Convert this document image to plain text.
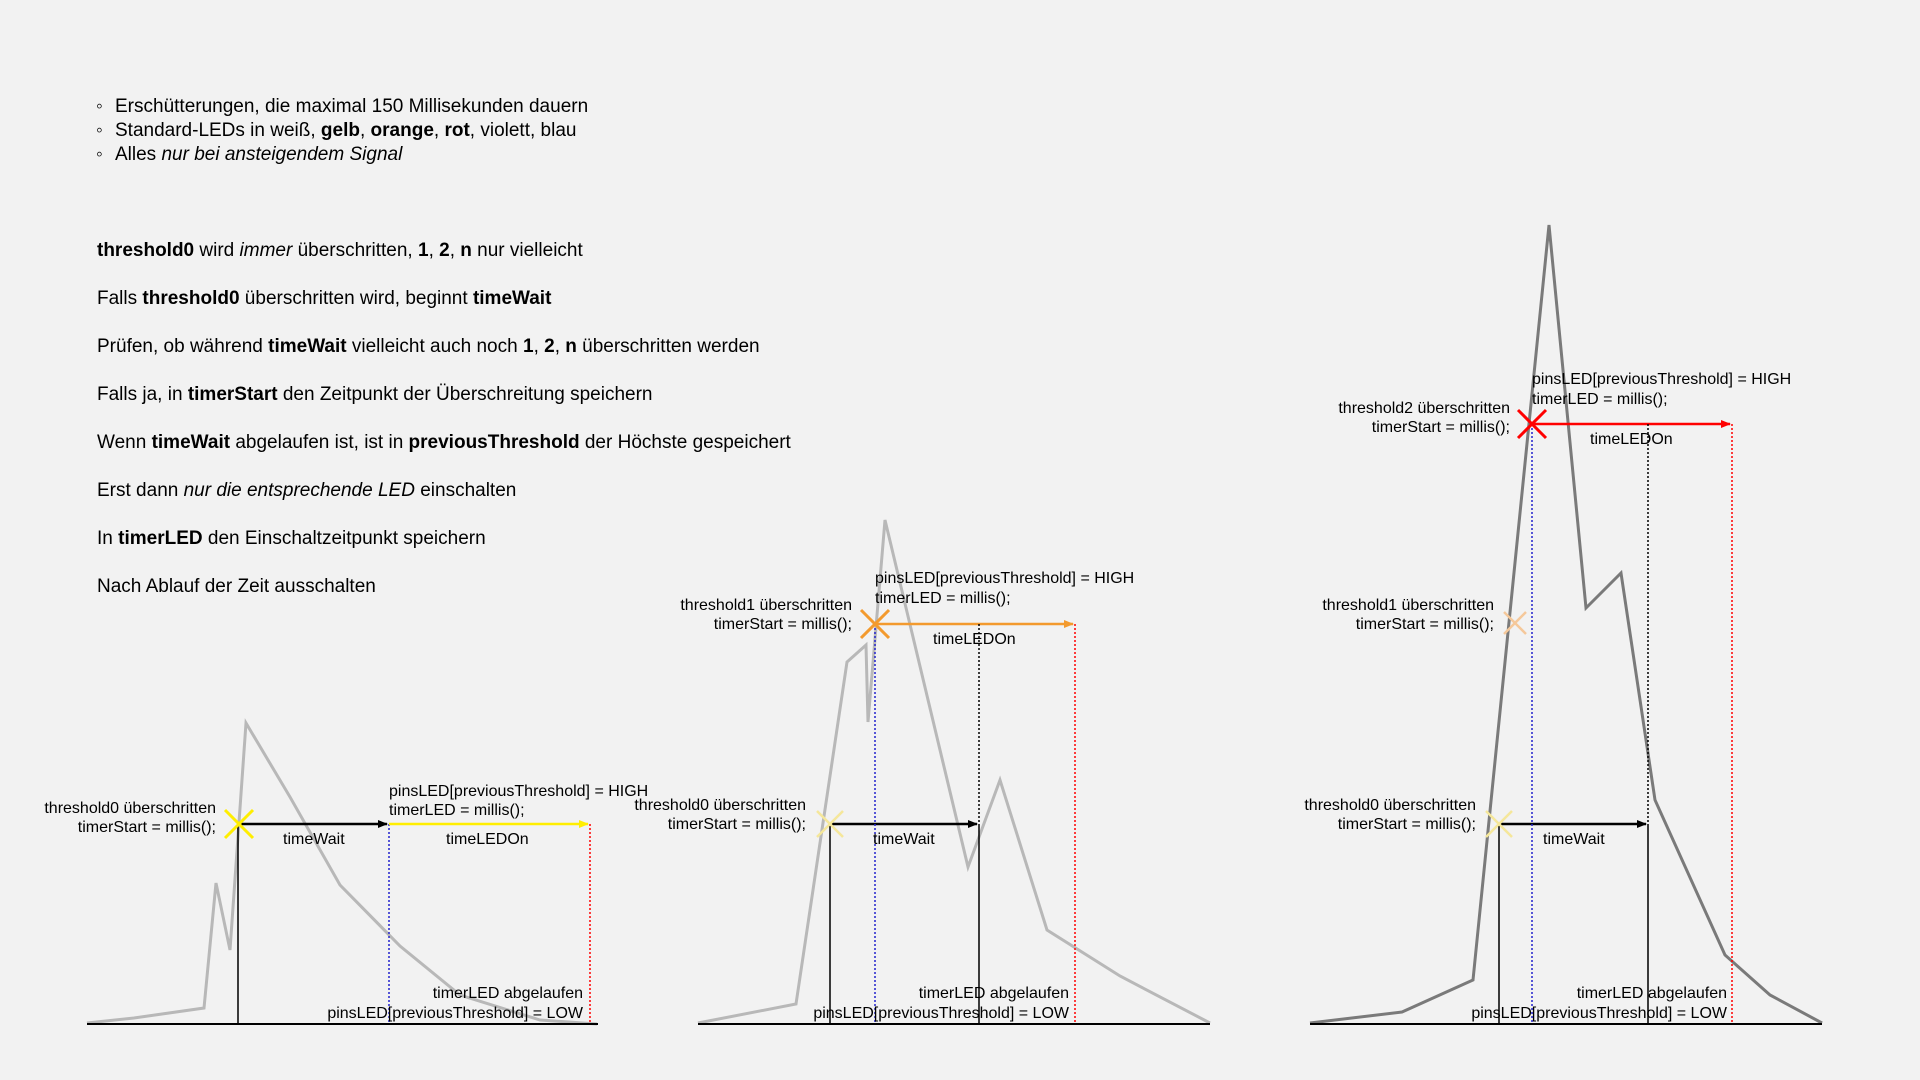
◦ Erschütterungen, die maximal 150 Millisekunden dauern
◦ Standard-LEDs in weiß, gelb, orange, rot, violett, blau
◦ Alles nur bei ansteigendem Signal
threshold0 wird immer überschritten, 1, 2, n nur vielleicht
Falls threshold0 überschritten wird, beginnt timeWait
Prüfen, ob während timeWait vielleicht auch noch 1, 2, n überschritten werden
Falls ja, in timerStart den Zeitpunkt der Überschreitung speichern
Wenn timeWait abgelaufen ist, ist in previousThreshold der Höchste gespeichert
Erst dann nur die entsprechende LED einschalten
In timerLED den Einschaltzeitpunkt speichern
Nach Ablauf der Zeit ausschalten
threshold0 überschritten
timerStart = millis();
timeWait
pinsLED[previousThreshold] = HIGH
timerLED = millis();
timeLEDOn
timerLED abgelaufen
pinsLED[previousThreshold] = LOW
threshold0 überschritten
timerStart = millis();
threshold1 überschritten
timerStart = millis();
timeWait
pinsLED[previousThreshold] = HIGH
timerLED = millis();
timeLEDOn
timerLED abgelaufen
pinsLED[previousThreshold] = LOW
threshold0 überschritten
timerStart = millis();
threshold1 überschritten
timerStart = millis();
threshold2 überschritten
timerStart = millis();
timeWait
pinsLED[previousThreshold] = HIGH
timerLED = millis();
timeLEDOn
timerLED abgelaufen
pinsLED[previousThreshold] = LOW
